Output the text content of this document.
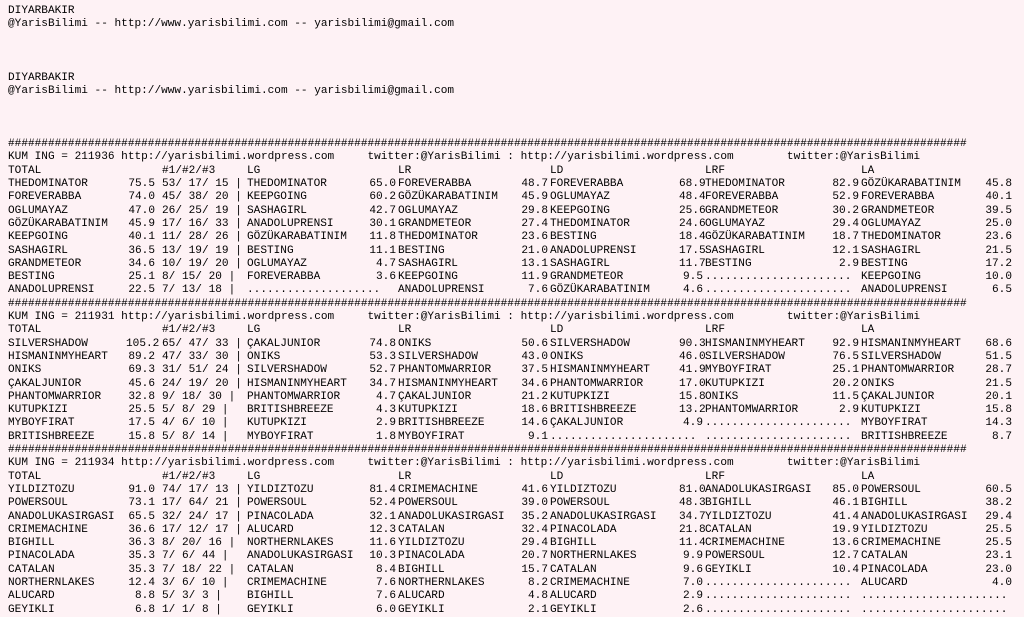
DIYARBAKIR
@YarisBilimi -- http://www.yarisbilimi.com -- yarisbilimi@gmail.com
DIYARBAKIR
@YarisBilimi -- http://www.yarisbilimi.com -- yarisbilimi@gmail.com
################################################################################################################################################
KUM ING = 211936 http://yarisbilimi.wordpress.com     twitter:@YarisBilimi : http://yarisbilimi.wordpress.com        twitter:@YarisBilimi
TOTAL	#1/#2/#3	LG	LR	LD	LRF	LA
THEDOMINATOR	75.5 53/ 17/ 15 | THEDOMINATOR	65.0 FOREVERABBA	48.7 FOREVERABBA	68.9 THEDOMINATOR	82.9 GÖZÜKARABATINIM	45.8
FOREVERABBA	74.0 45/ 38/ 20 | KEEPGOING	60.2 GÖZÜKARABATINIM	45.9 OGLUMAYAZ	48.4 FOREVERABBA	52.9 FOREVERABBA	40.1
OGLUMAYAZ	47.0 26/ 25/ 19 | SASHAGIRL	42.7 OGLUMAYAZ	29.8 KEEPGOING	25.6 GRANDMETEOR	30.2 GRANDMETEOR	39.5
GÖZÜKARABATINIM	45.9 17/ 16/ 33 | ANADOLUPRENSI	30.1 GRANDMETEOR	27.4 THEDOMINATOR	24.6 OGLUMAYAZ	29.4 OGLUMAYAZ	25.0
KEEPGOING	40.1 11/ 28/ 26 | GÖZÜKARABATINIM	11.8 THEDOMINATOR	23.6 BESTING	18.4 GÖZÜKARABATINIM	18.7 THEDOMINATOR	23.6
SASHAGIRL	36.5 13/ 19/ 19 | BESTING	11.1 BESTING	21.0 ANADOLUPRENSI	17.5 SASHAGIRL	12.1 SASHAGIRL	21.5
GRANDMETEOR	34.6 10/ 19/ 20 | OGLUMAYAZ	4.7 SASHAGIRL	13.1 SASHAGIRL	11.7 BESTING	2.9 BESTING	17.2
BESTING	25.1 8/ 15/ 20 |	FOREVERABBA	3.6 KEEPGOING	11.9 GRANDMETEOR	9.5 ...................... KEEPGOING	10.0
ANADOLUPRENSI	22.5 7/ 13/ 18 |	.................... ANADOLUPRENSI	7.6 GÖZÜKARABATINIM	4.6 ...................... ANADOLUPRENSI	6.5
################################################################################################################################################
KUM ING = 211931 http://yarisbilimi.wordpress.com     twitter:@YarisBilimi : http://yarisbilimi.wordpress.com        twitter:@YarisBilimi
TOTAL	#1/#2/#3	LG	LR	LD	LRF	LA
SILVERSHADOW	105.2 65/ 47/ 33 | ÇAKALJUNIOR	74.8 ONIKS	50.6 SILVERSHADOW	90.3 HISMANINMYHEART	92.9 HISMANINMYHEART	68.6
HISMANINMYHEART	89.2 47/ 33/ 30 | ONIKS	53.3 SILVERSHADOW	43.0 ONIKS	46.0 SILVERSHADOW	76.5 SILVERSHADOW	51.5
ONIKS	69.3 31/ 51/ 24 | SILVERSHADOW	52.7 PHANTOMWARRIOR	37.5 HISMANINMYHEART	41.9 MYBOYFIRAT	25.1 PHANTOMWARRIOR	28.7
ÇAKALJUNIOR	45.6 24/ 19/ 20 | HISMANINMYHEART	34.7 HISMANINMYHEART	34.6 PHANTOMWARRIOR	17.0 KUTUPKIZI	20.2 ONIKS	21.5
PHANTOMWARRIOR	32.8 9/ 18/ 30 |	PHANTOMWARRIOR	4.7 ÇAKALJUNIOR	21.2 KUTUPKIZI	15.8 ONIKS	11.5 ÇAKALJUNIOR	20.1
KUTUPKIZI	25.5 5/ 8/ 29 |	BRITISHBREEZE	4.3 KUTUPKIZI	18.6 BRITISHBREEZE	13.2 PHANTOMWARRIOR	2.9 KUTUPKIZI	15.8
MYBOYFIRAT	17.5 4/ 6/ 10 |	KUTUPKIZI	2.9 BRITISHBREEZE	14.6 ÇAKALJUNIOR	4.9 ...................... MYBOYFIRAT	14.3
BRITISHBREEZE	15.8 5/ 8/ 14 |	MYBOYFIRAT	1.8 MYBOYFIRAT	9.1 ...................... ...................... BRITISHBREEZE	8.7
################################################################################################################################################
KUM ING = 211934 http://yarisbilimi.wordpress.com     twitter:@YarisBilimi : http://yarisbilimi.wordpress.com        twitter:@YarisBilimi
TOTAL	#1/#2/#3	LG	LR	LD	LRF	LA
YILDIZTOZU	91.0 74/ 17/ 13 | YILDIZTOZU	81.4 CRIMEMACHINE	41.6 YILDIZTOZU	81.0 ANADOLUKASIRGASI	85.0 POWERSOUL	60.5
POWERSOUL	73.1 17/ 64/ 21 | POWERSOUL	52.4 POWERSOUL	39.0 POWERSOUL	48.3 BIGHILL	46.1 BIGHILL	38.2
ANADOLUKASIRGASI	65.5 32/ 24/ 17 | PINACOLADA	32.1 ANADOLUKASIRGASI	35.2 ANADOLUKASIRGASI	34.7 YILDIZTOZU	41.4 ANADOLUKASIRGASI	29.4
CRIMEMACHINE	36.6 17/ 12/ 17 | ALUCARD	12.3 CATALAN	32.4 PINACOLADA	21.8 CATALAN	19.9 YILDIZTOZU	25.5
BIGHILL	36.3 8/ 20/ 16 |	NORTHERNLAKES	11.6 YILDIZTOZU	29.4 BIGHILL	11.4 CRIMEMACHINE	13.6 CRIMEMACHINE	25.5
PINACOLADA	35.3 7/ 6/ 44 |	ANADOLUKASIRGASI	10.3 PINACOLADA	20.7 NORTHERNLAKES	9.9 POWERSOUL	12.7 CATALAN	23.1
CATALAN	35.3 7/ 18/ 22 |	CATALAN	8.4 BIGHILL	15.7 CATALAN	9.6 GEYIKLI	10.4 PINACOLADA	23.0
NORTHERNLAKES	12.4 3/ 6/ 10 |	CRIMEMACHINE	7.6 NORTHERNLAKES	8.2 CRIMEMACHINE	7.0 ...................... ALUCARD	4.0
ALUCARD	8.8 5/ 3/ 3 |	BIGHILL	7.6 ALUCARD	4.8 ALUCARD	2.9 ...................... ......................
GEYIKLI	6.8 1/ 1/ 8 |	GEYIKLI	6.0 GEYIKLI	2.1 GEYIKLI	2.6 ...................... ......................
